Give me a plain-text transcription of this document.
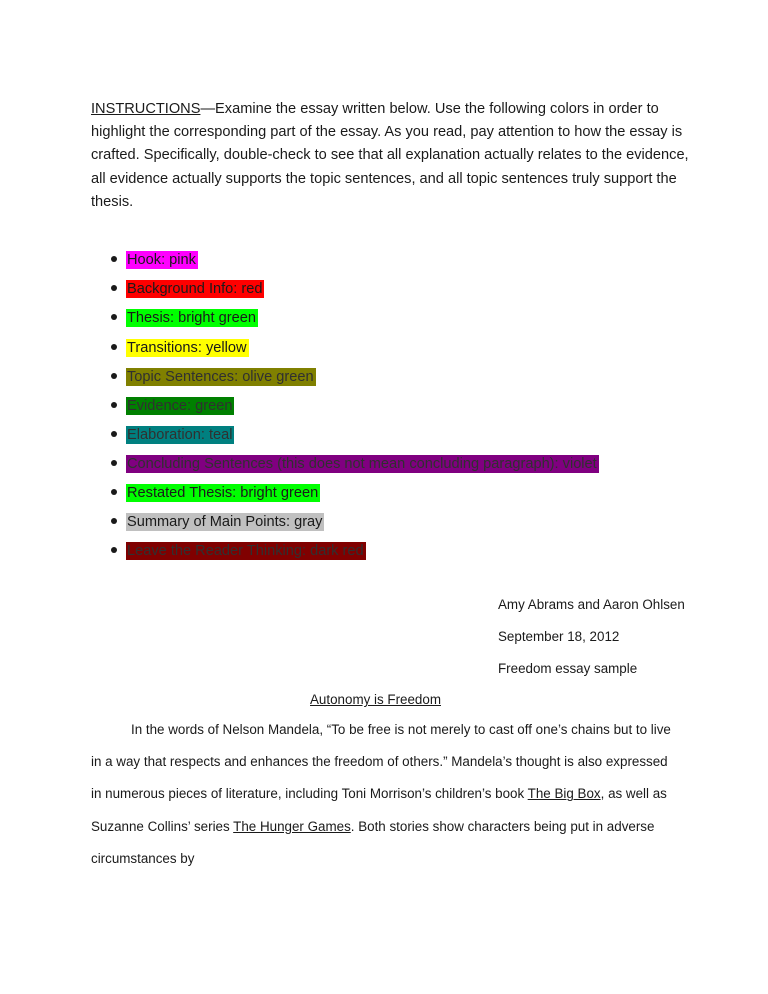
INSTRUCTIONS—Examine the essay written below. Use the following colors in order to highlight the corresponding part of the essay. As you read, pay attention to how the essay is crafted. Specifically, double-check to see that all explanation actually relates to the evidence, all evidence actually supports the topic sentences, and all topic sentences truly support the thesis.

Hook: pink
Background Info: red
Thesis: bright green
Transitions: yellow
Topic Sentences: olive green
Evidence: green
Elaboration: teal
Concluding Sentences (this does not mean concluding paragraph): violet
Restated Thesis: bright green
Summary of Main Points: gray
Leave the Reader Thinking: dark red
Amy Abrams and Aaron Ohlsen
September 18, 2012
Freedom essay sample
Autonomy is Freedom

In the words of Nelson Mandela, “To be free is not merely to cast off one’s chains but to live in a way that respects and enhances the freedom of others.” Mandela’s thought is also expressed in numerous pieces of literature, including Toni Morrison’s children’s book The Big Box, as well as Suzanne Collins’ series The Hunger Games. Both stories show characters being put in adverse circumstances by
